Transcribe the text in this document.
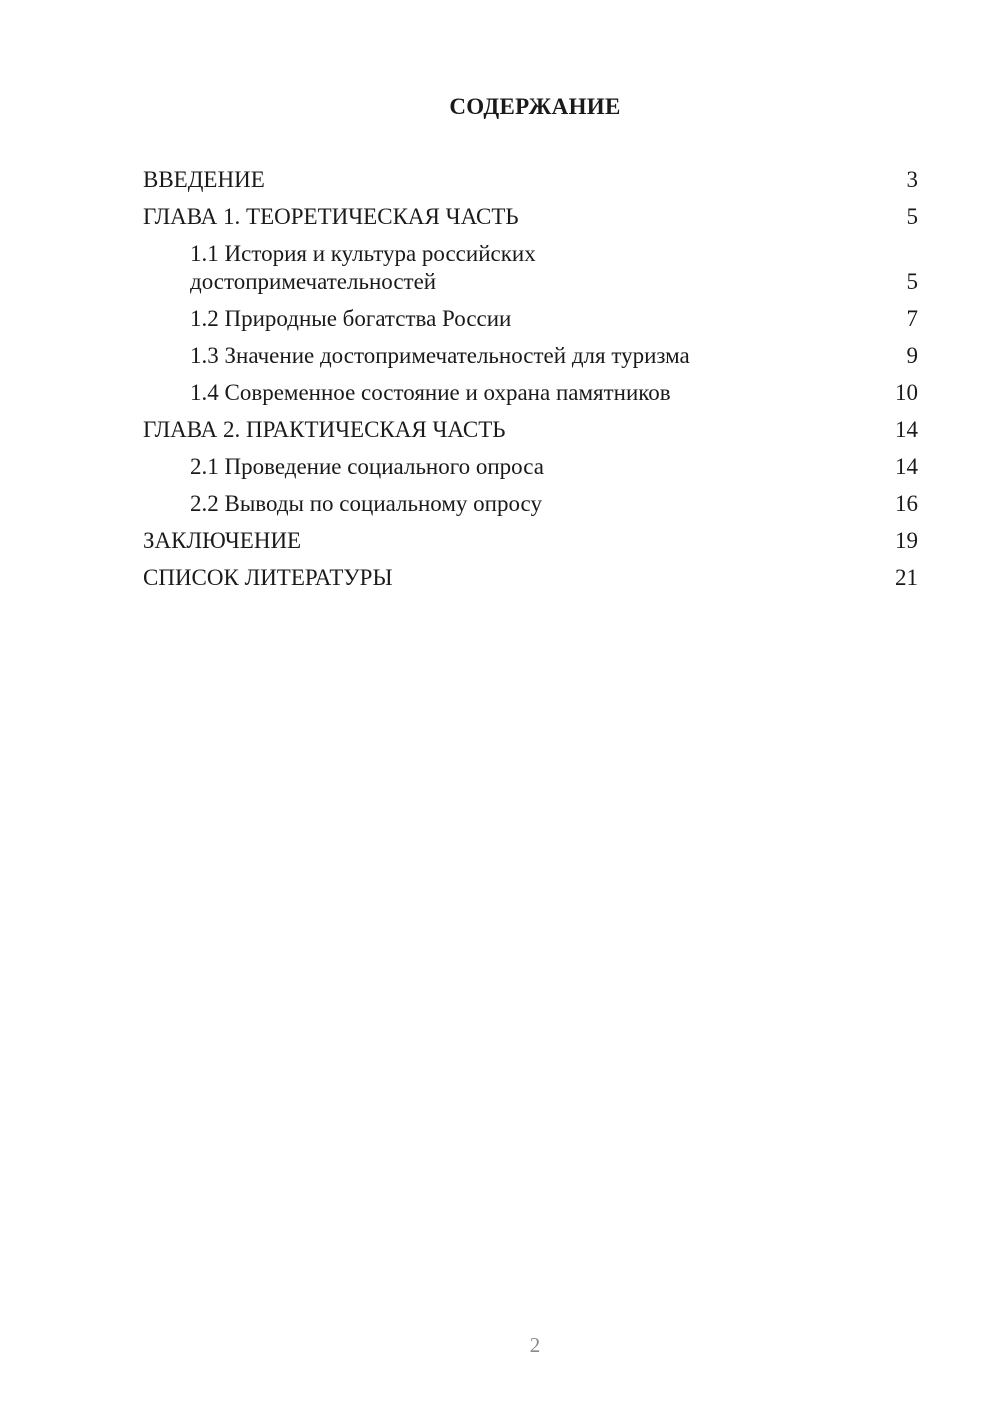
СОДЕРЖАНИЕ
ВВЕДЕНИЕ	3
ГЛАВА 1. ТЕОРЕТИЧЕСКАЯ ЧАСТЬ	5
1.1 История и культура российских достопримечательностей	5
1.2 Природные богатства России	7
1.3 Значение достопримечательностей для туризма	9
1.4 Современное состояние и охрана памятников	10
ГЛАВА 2. ПРАКТИЧЕСКАЯ ЧАСТЬ	14
2.1 Проведение социального опроса	14
2.2 Выводы по социальному опросу	16
ЗАКЛЮЧЕНИЕ	19
СПИСОК ЛИТЕРАТУРЫ	21
2
